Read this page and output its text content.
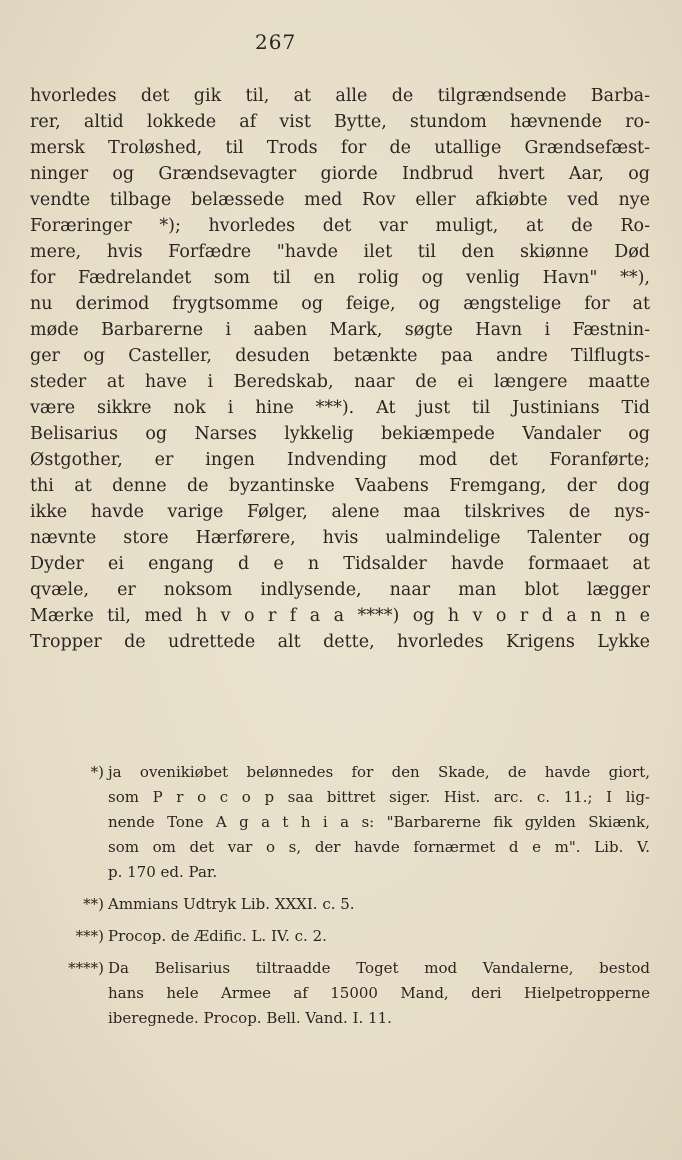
267
hvorledes det gik til, at alle de tilgrændsende Barba-
rer, altid lokkede af vist Bytte, stundom hævnende ro-
mersk Troløshed, til Trods for de utallige Grændsefæst-
ninger og Grændsevagter giorde Indbrud hvert Aar, og
vendte tilbage belæssede med Rov eller afkiøbte ved nye
Foræringer *); hvorledes det var muligt, at de Ro-
mere, hvis Forfædre "havde ilet til den skiønne Død
for Fædrelandet som til en rolig og venlig Havn" **),
nu derimod frygtsomme og feige, og ængstelige for at
møde Barbarerne i aaben Mark, søgte Havn i Fæstnin-
ger og Castеller, desuden betænkte paa andre Tilflugts-
steder at have i Beredskab, naar de ei længere maatte
være sikkre nok i hine ***). At just til Justinians Tid
Belisarius og Narses lykkelig bekiæmpede Vandaler og
Østgother, er ingen Indvending mod det Foranførte;
thi at denne de byzantinske Vaabens Fremgang, der dog
ikke havde varige Følger, alene maa tilskrives de nys-
nævnte store Hærførere, hvis ualmindelige Talenter og
Dyder ei engang d e n Tidsalder havde formaaet at
qvæle, er noksom indlysende, naar man blot lægger
Mærke til, med h v o r f a a ****) og h v o r d a n n e
Tropper de udrettede alt dette, hvorledes Krigens Lykke
*) ja ovenikiøbet belønnedes for den Skade, de havde giort,
som P r o c o p saa bittret siger. Hist. arc. c. 11.; I lig-
nende Tone A g a t h i a s: "Barbarerne fik gylden Skiænk,
som om det var o s, der havde fornærmet d e m". Lib. V.
p. 170 ed. Par.
**) Ammians Udtryk Lib. XXXI. c. 5.
***) Procop. de Ædific. L. IV. c. 2.
****) Da Belisarius tiltraadde Toget mod Vandalerne, bestod
hans hele Armee af 15000 Mand, deri Hielpetropperne
iberegnede. Procop. Bell. Vand. I. 11.
